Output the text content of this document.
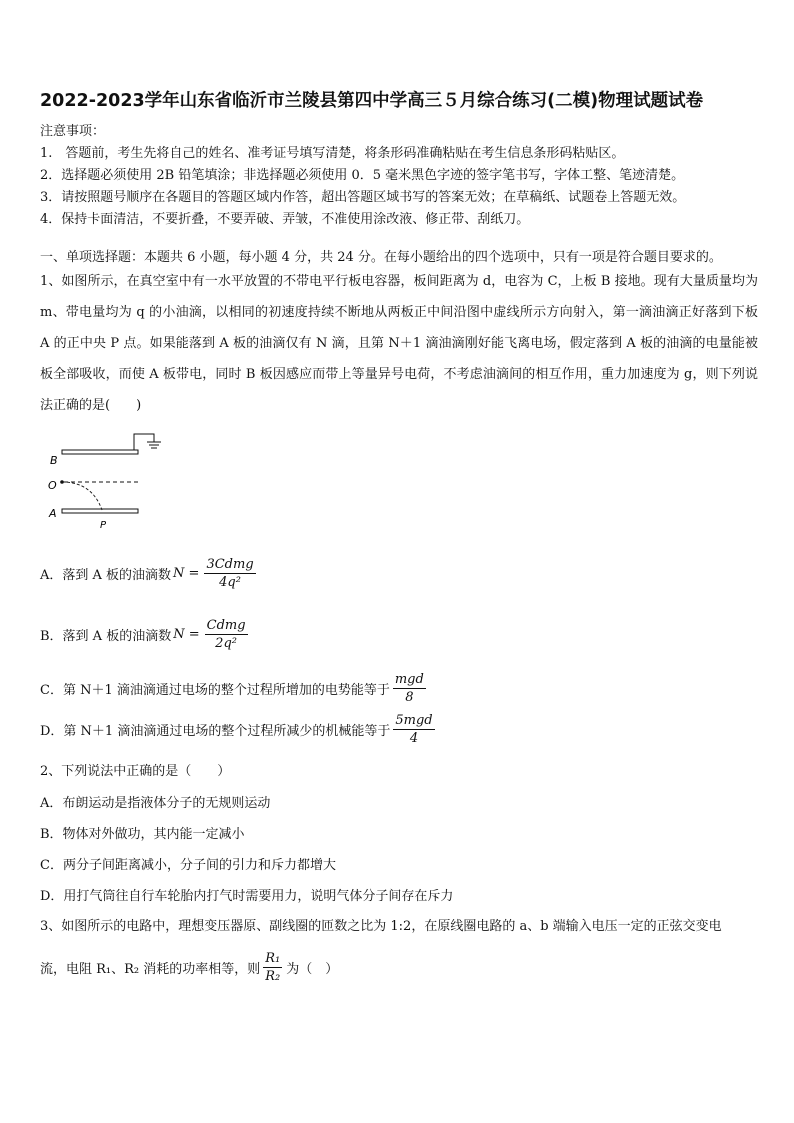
2022-2023学年山东省临沂市兰陵县第四中学高三５月综合练习(二模)物理试题试卷
注意事项：
1.　答题前，考生先将自己的姓名、准考证号填写清楚，将条形码准确粘贴在考生信息条形码粘贴区。
2．选择题必须使用 2B 铅笔填涂；非选择题必须使用 0．5 毫米黑色字迹的签字笔书写，字体工整、笔迹清楚。
3．请按照题号顺序在各题目的答题区域内作答，超出答题区域书写的答案无效；在草稿纸、试题卷上答题无效。
4．保持卡面清洁，不要折叠，不要弄破、弄皱，不准使用涂改液、修正带、刮纸刀。
一、单项选择题：本题共 6 小题，每小题 4 分，共 24 分。在每小题给出的四个选项中，只有一项是符合题目要求的。
1、如图所示，在真空室中有一水平放置的不带电平行板电容器，板间距离为 d，电容为 C，上板 B 接地。现有大量质量均为 m、带电量均为 q 的小油滴，以相同的初速度持续不断地从两板正中间沿图中虚线所示方向射入，第一滴油滴正好落到下板 A 的正中央 P 点。如果能落到 A 板的油滴仅有 N 滴，且第 N＋1 滴油滴刚好能飞离电场，假定落到 A 板的油滴的电量能被板全部吸收，而使 A 板带电，同时 B 板因感应而带上等量异号电荷，不考虑油滴间的相互作用，重力加速度为 g，则下列说法正确的是(　　)
B
O
A
P
A．落到 A 板的油滴数 $N = \frac{\text{3Cdmg}}{\text{4q²}}$
B．落到 A 板的油滴数 $N = \frac{\text{Cdmg}}{\text{2q²}}$
C．第 N＋1 滴油滴通过电场的整个过程所增加的电势能等于 $\frac{\text{mgd}}{8}$
D．第 N＋1 滴油滴通过电场的整个过程所减少的机械能等于 $\frac{\text{5mgd}}{4}$
2、下列说法中正确的是（　　）
A．布朗运动是指液体分子的无规则运动
B．物体对外做功，其内能一定减小
C．两分子间距离减小，分子间的引力和斥力都增大
D．用打气筒往自行车轮胎内打气时需要用力，说明气体分子间存在斥力
3、如图所示的电路中，理想变压器原、副线圈的匝数之比为 1:2，在原线圈电路的 a、b 端输入电压一定的正弦交变电
流，电阻 R₁、R₂ 消耗的功率相等，则 $\frac{\text{R₁}}{\text{R₂}}$ 为（　）
